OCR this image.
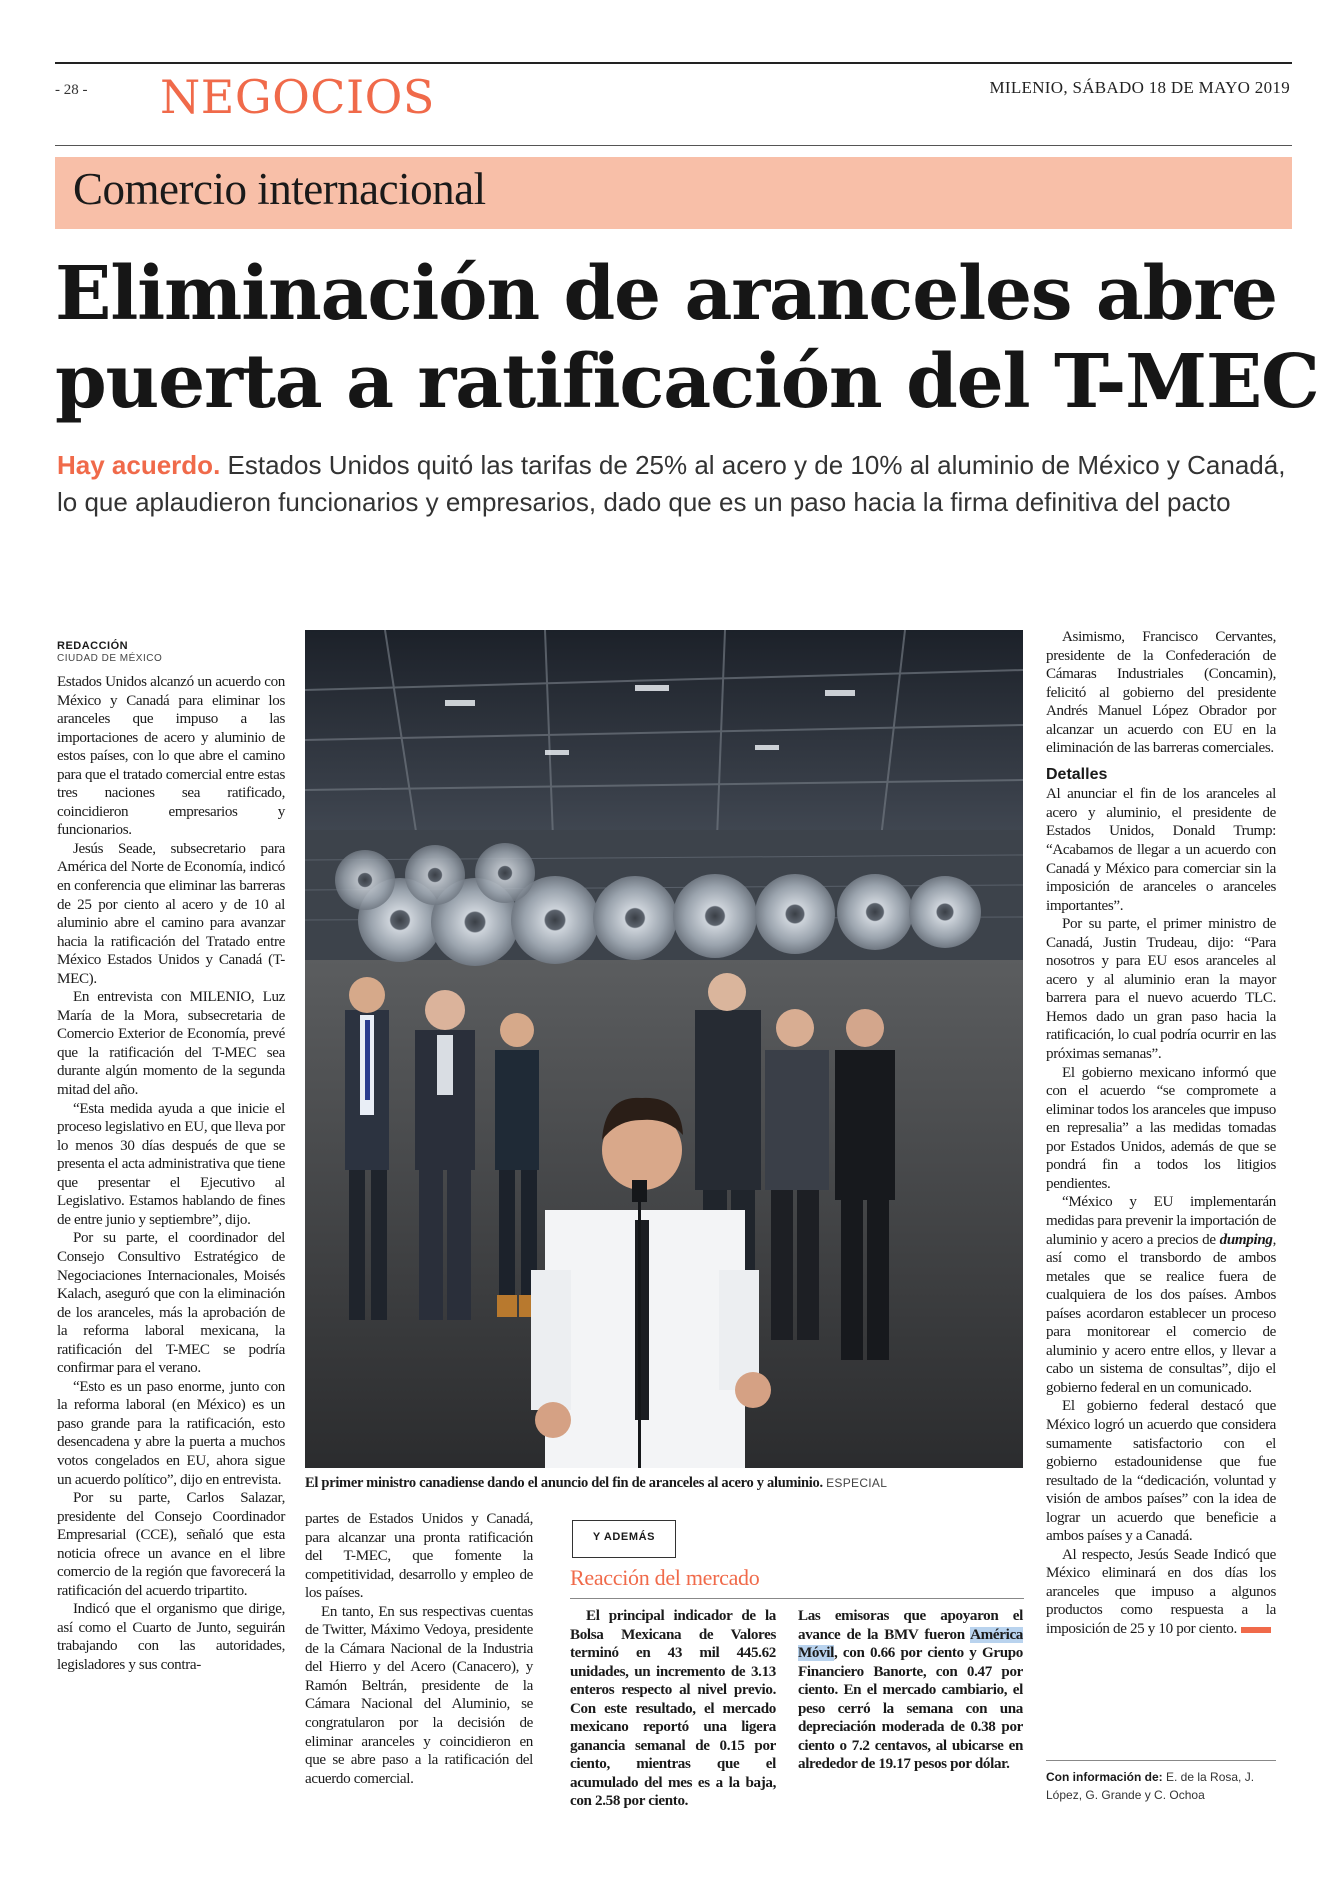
- 28 - NEGOCIOS	MILENIO, SÁBADO 18 DE MAYO 2019
Comercio internacional
Eliminación de aranceles abre
puerta a ratificación del T-MEC
Hay acuerdo. Estados Unidos quitó las tarifas de 25% al acero y de 10% al aluminio de México y Canadá,
lo que aplaudieron funcionarios y empresarios, dado que es un paso hacia la firma definitiva del pacto
REDACCIÓN
CIUDAD DE MÉXICO

Estados Unidos alcanzó un acuerdo con México y Canadá para eliminar los aranceles que impuso a las importaciones de acero y aluminio de estos países, con lo que abre el camino para que el tratado comercial entre estas tres naciones sea ratificado, coincidieron empresarios y funcionarios.

Jesús Seade, subsecretario para América del Norte de Economía, indicó en conferencia que eliminar las barreras de 25 por ciento al acero y de 10 al aluminio abre el camino para avanzar hacia la ratificación del Tratado entre México Estados Unidos y Canadá (T-MEC).

En entrevista con MILENIO, Luz María de la Mora, subsecretaria de Comercio Exterior de Economía, prevé que la ratificación del T-MEC sea durante algún momento de la segunda mitad del año.

“Esta medida ayuda a que inicie el proceso legislativo en EU, que lleva por lo menos 30 días después de que se presenta el acta administrativa que tiene que presentar el Ejecutivo al Legislativo. Estamos hablando de fines de entre junio y septiembre”, dijo.

Por su parte, el coordinador del Consejo Consultivo Estratégico de Negociaciones Internacionales, Moisés Kalach, aseguró que con la eliminación de los aranceles, más la aprobación de la reforma laboral mexicana, la ratificación del T-MEC se podría confirmar para el verano.

“Esto es un paso enorme, junto con la reforma laboral (en México) es un paso grande para la ratificación, esto desencadena y abre la puerta a muchos votos congelados en EU, ahora sigue un acuerdo político”, dijo en entrevista.

Por su parte, Carlos Salazar, presidente del Consejo Coordinador Empresarial (CCE), señaló que esta noticia ofrece un avance en el libre comercio de la región que favorecerá la ratificación del acuerdo tripartito.

Indicó que el organismo que dirige, así como el Cuarto de Junto, seguirán trabajando con las autoridades, legisladores y sus contra-

El primer ministro canadiense dando el anuncio del fin de aranceles al acero y aluminio. ESPECIAL

partes de Estados Unidos y Canadá, para alcanzar una pronta ratificación del T-MEC, que fomente la competitividad, desarrollo y empleo de los países.

En tanto, En sus respectivas cuentas de Twitter, Máximo Vedoya, presidente de la Cámara Nacional de la Industria del Hierro y del Acero (Canacero), y Ramón Beltrán, presidente de la Cámara Nacional del Aluminio, se congratularon por la decisión de eliminar aranceles y coincidieron en que se abre paso a la ratificación del acuerdo comercial.

Y ADEMÁS
Reacción del mercado

El principal indicador de la Bolsa Mexicana de Valores terminó en 43 mil 445.62 unidades, un incremento de 3.13 enteros respecto al nivel previo. Con este resultado, el mercado mexicano reportó una ligera ganancia semanal de 0.15 por ciento, mientras que el acumulado del mes es a la baja, con 2.58 por ciento.

Las emisoras que apoyaron el avance de la BMV fueron América Móvil, con 0.66 por ciento y Grupo Financiero Banorte, con 0.47 por ciento. En el mercado cambiario, el peso cerró la semana con una depreciación moderada de 0.38 por ciento o 7.2 centavos, al ubicarse en alrededor de 19.17 pesos por dólar.

Asimismo, Francisco Cervantes, presidente de la Confederación de Cámaras Industriales (Concamin), felicitó al gobierno del presidente Andrés Manuel López Obrador por alcanzar un acuerdo con EU en la eliminación de las barreras comerciales.

Detalles

Al anunciar el fin de los aranceles al acero y aluminio, el presidente de Estados Unidos, Donald Trump: “Acabamos de llegar a un acuerdo con Canadá y México para comerciar sin la imposición de aranceles o aranceles importantes”.

Por su parte, el primer ministro de Canadá, Justin Trudeau, dijo: “Para nosotros y para EU esos aranceles al acero y al aluminio eran la mayor barrera para el nuevo acuerdo TLC. Hemos dado un gran paso hacia la ratificación, lo cual podría ocurrir en las próximas semanas”.

El gobierno mexicano informó que con el acuerdo “se compromete a eliminar todos los aranceles que impuso en represalia” a las medidas tomadas por Estados Unidos, además de que se pondrá fin a todos los litigios pendientes.

“México y EU implementarán medidas para prevenir la importación de aluminio y acero a precios de dumping, así como el transbordo de ambos metales que se realice fuera de cualquiera de los dos países. Ambos países acordaron establecer un proceso para monitorear el comercio de aluminio y acero entre ellos, y llevar a cabo un sistema de consultas”, dijo el gobierno federal en un comunicado.

El gobierno federal destacó que México logró un acuerdo que considera sumamente satisfactorio con el gobierno estadounidense que fue resultado de la “dedicación, voluntad y visión de ambos países” con la idea de lograr un acuerdo que beneficie a ambos países y a Canadá.

Al respecto, Jesús Seade Indicó que México eliminará en dos días los aranceles que impuso a algunos productos como respuesta a la imposición de 25 y 10 por ciento.

Con información de: E. de la Rosa, J. López, G. Grande y C. Ochoa
